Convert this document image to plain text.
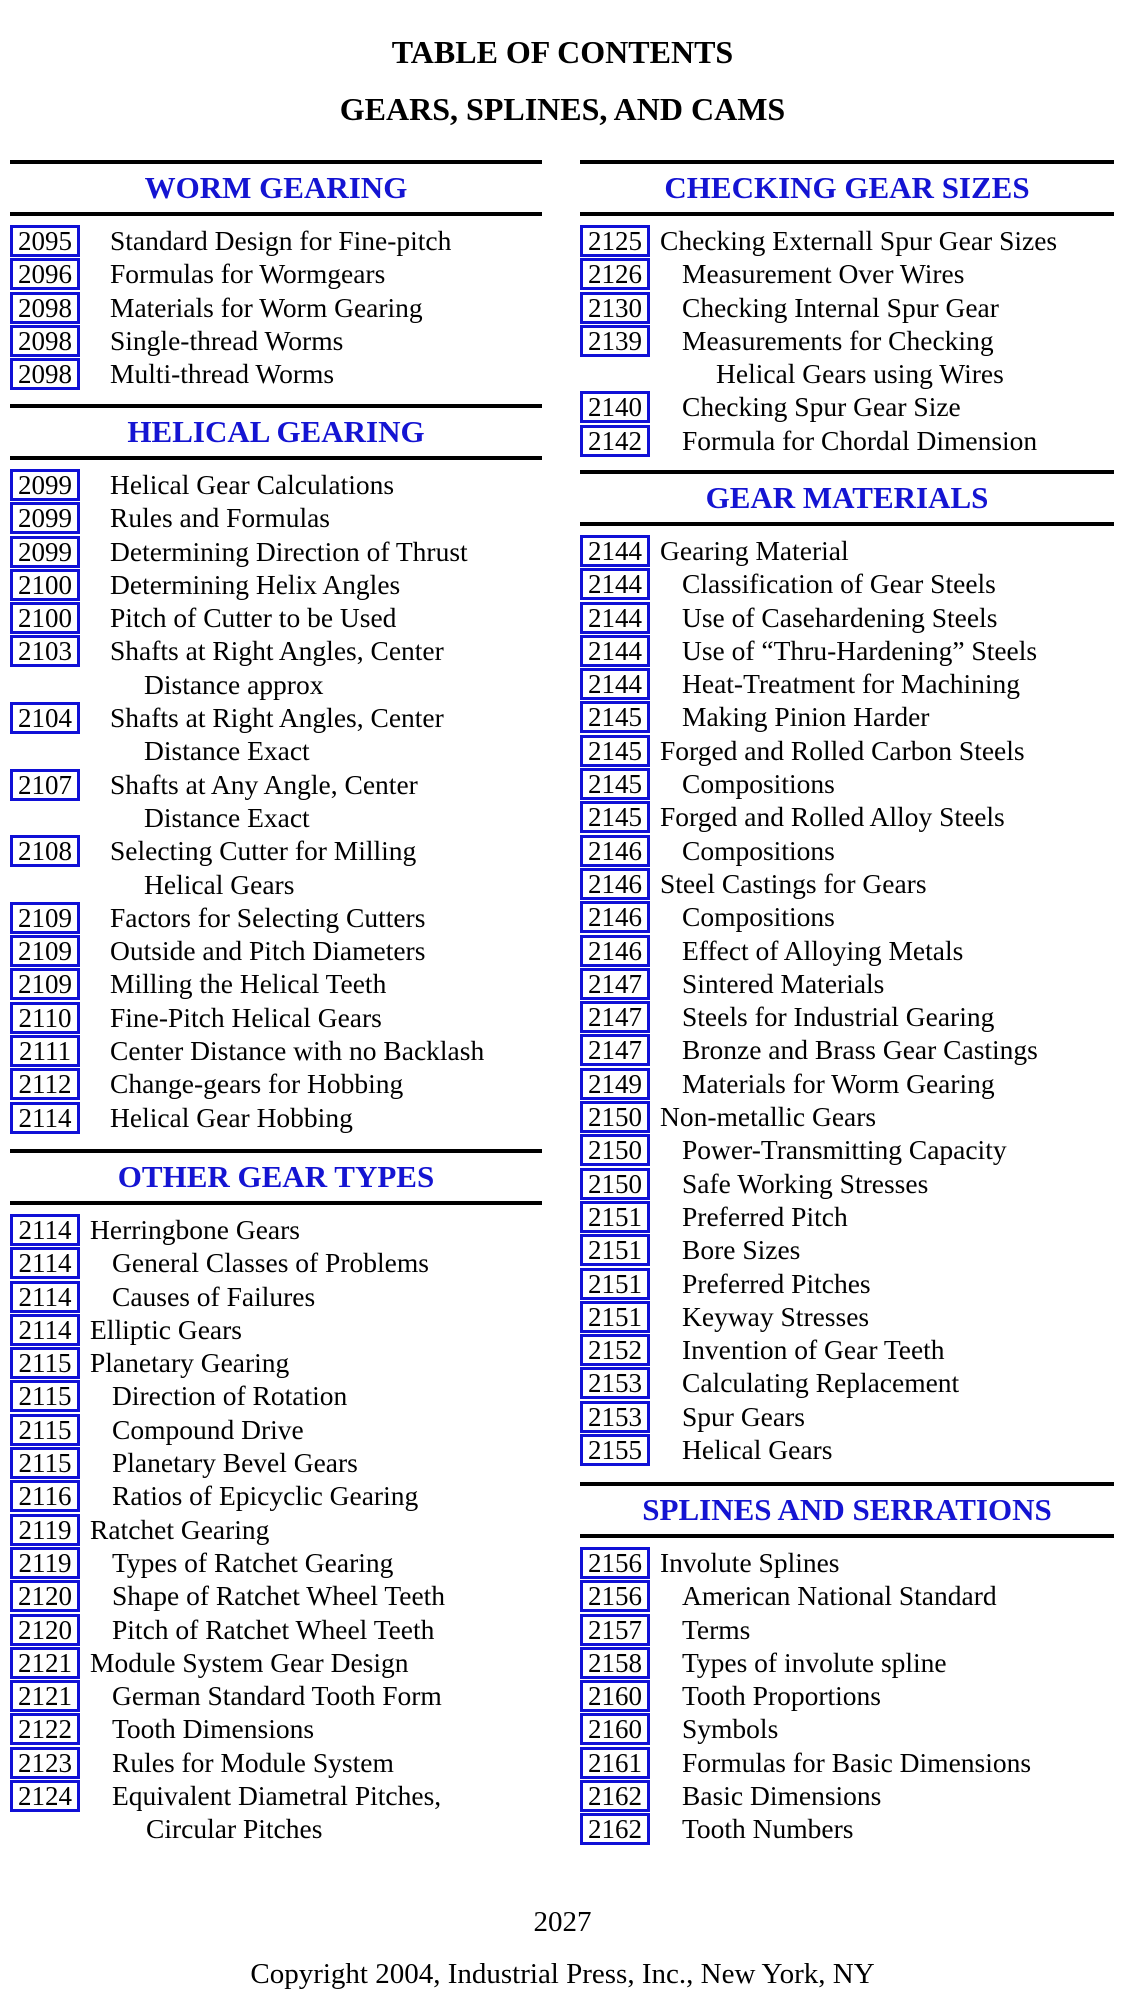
TABLE OF CONTENTS
GEARS, SPLINES, AND CAMS
WORM GEARING
2095	Standard Design for Fine-pitch
2096	Formulas for Wormgears
2098	Materials for Worm Gearing
2098	Single-thread Worms
2098	Multi-thread Worms
HELICAL GEARING
2099	Helical Gear Calculations
2099	Rules and Formulas
2099	Determining Direction of Thrust
2100	Determining Helix Angles
2100	Pitch of Cutter to be Used
2103	Shafts at Right Angles, Center
Distance approx
2104	Shafts at Right Angles, Center
Distance Exact
2107	Shafts at Any Angle, Center
Distance Exact
2108	Selecting Cutter for Milling
Helical Gears
2109	Factors for Selecting Cutters
2109	Outside and Pitch Diameters
2109	Milling the Helical Teeth
2110	Fine-Pitch Helical Gears
2111	Center Distance with no Backlash
2112	Change-gears for Hobbing
2114	Helical Gear Hobbing
OTHER GEAR TYPES
2114 Herringbone Gears
2114	General Classes of Problems
2114	Causes of Failures
2114 Elliptic Gears
2115 Planetary Gearing
2115	Direction of Rotation
2115	Compound Drive
2115	Planetary Bevel Gears
2116	Ratios of Epicyclic Gearing
2119 Ratchet Gearing
2119	Types of Ratchet Gearing
2120	Shape of Ratchet Wheel Teeth
2120	Pitch of Ratchet Wheel Teeth
2121 Module System Gear Design
2121	German Standard Tooth Form
2122	Tooth Dimensions
2123	Rules for Module System
2124	Equivalent Diametral Pitches,
Circular Pitches
CHECKING GEAR SIZES
2125 Checking Externall Spur Gear Sizes
2126	Measurement Over Wires
2130	Checking Internal Spur Gear
2139	Measurements for Checking
Helical Gears using Wires
2140	Checking Spur Gear Size
2142	Formula for Chordal Dimension
GEAR MATERIALS
2144 Gearing Material
2144	Classification of Gear Steels
2144	Use of Casehardening Steels
2144	Use of “Thru-Hardening” Steels
2144	Heat-Treatment for Machining
2145	Making Pinion Harder
2145 Forged and Rolled Carbon Steels
2145	Compositions
2145 Forged and Rolled Alloy Steels
2146	Compositions
2146 Steel Castings for Gears
2146	Compositions
2146	Effect of Alloying Metals
2147	Sintered Materials
2147	Steels for Industrial Gearing
2147	Bronze and Brass Gear Castings
2149	Materials for Worm Gearing
2150 Non-metallic Gears
2150	Power-Transmitting Capacity
2150	Safe Working Stresses
2151	Preferred Pitch
2151	Bore Sizes
2151	Preferred Pitches
2151	Keyway Stresses
2152	Invention of Gear Teeth
2153	Calculating Replacement
2153	Spur Gears
2155	Helical Gears
SPLINES AND SERRATIONS
2156 Involute Splines
2156	American National Standard
2157	Terms
2158	Types of involute spline
2160	Tooth Proportions
2160	Symbols
2161	Formulas for Basic Dimensions
2162	Basic Dimensions
2162	Tooth Numbers
2027
Copyright 2004, Industrial Press, Inc., New York, NY
